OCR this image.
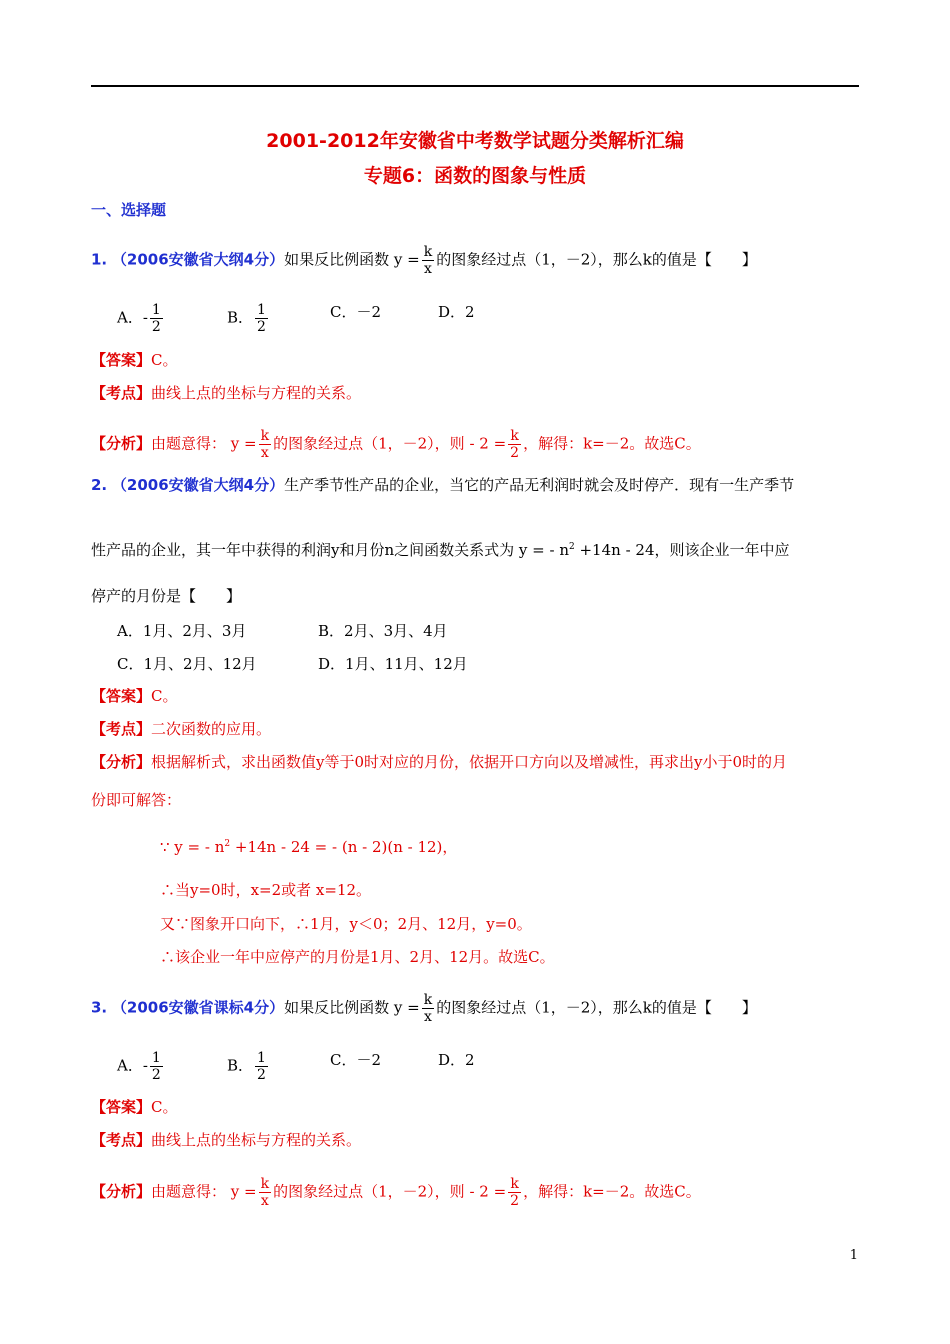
2001-2012年安徽省中考数学试题分类解析汇编
专题6：函数的图象与性质
一、选择题
1. （2006安徽省大纲4分）如果反比例函数 $y = \frac{k}{x}$ 的图象经过点（1，－2），那么k的值是【　　】
A．- $\frac{1}{2}$	B． $\frac{1}{2}$	C．－2	D．2
【答案】C。
【考点】曲线上点的坐标与方程的关系。
【分析】由题意得： $y = \frac{k}{x}$ 的图象经过点（1，－2），则 - $2 = \frac{k}{2}$ ，解得：k=－2。故选C。
2. （2006安徽省大纲4分）生产季节性产品的企业，当它的产品无利润时就会及时停产．现有一生产季节
性产品的企业，其一年中获得的利润y和月份n之间函数关系式为 y = - $n^2 +14n - 24$，则该企业一年中应
停产的月份是【　　】
A．1月、2月、3月	B．2月、3月、4月
C．1月、2月、12月	D．1月、11月、12月
【答案】C。
【考点】二次函数的应用。
【分析】根据解析式，求出函数值y等于0时对应的月份，依据开口方向以及增减性，再求出y小于0时的月
份即可解答：
∵ y = - $n^2 +14n - 24$ = - (n - 2)(n - 12)，
∴当y=0时，x=2或者 x=12。
又∵图象开口向下，∴1月，y＜0；2月、12月，y=0。
∴该企业一年中应停产的月份是1月、2月、12月。故选C。
3. （2006安徽省课标4分）如果反比例函数 $y = \frac{k}{x}$ 的图象经过点（1，－2），那么k的值是【　　】
A．- $\frac{1}{2}$	B． $\frac{1}{2}$	C．－2	D．2
【答案】C。
【考点】曲线上点的坐标与方程的关系。
【分析】由题意得： $y = \frac{k}{x}$ 的图象经过点（1，－2），则 - $2 = \frac{k}{2}$ ，解得：k=－2。故选C。
1
